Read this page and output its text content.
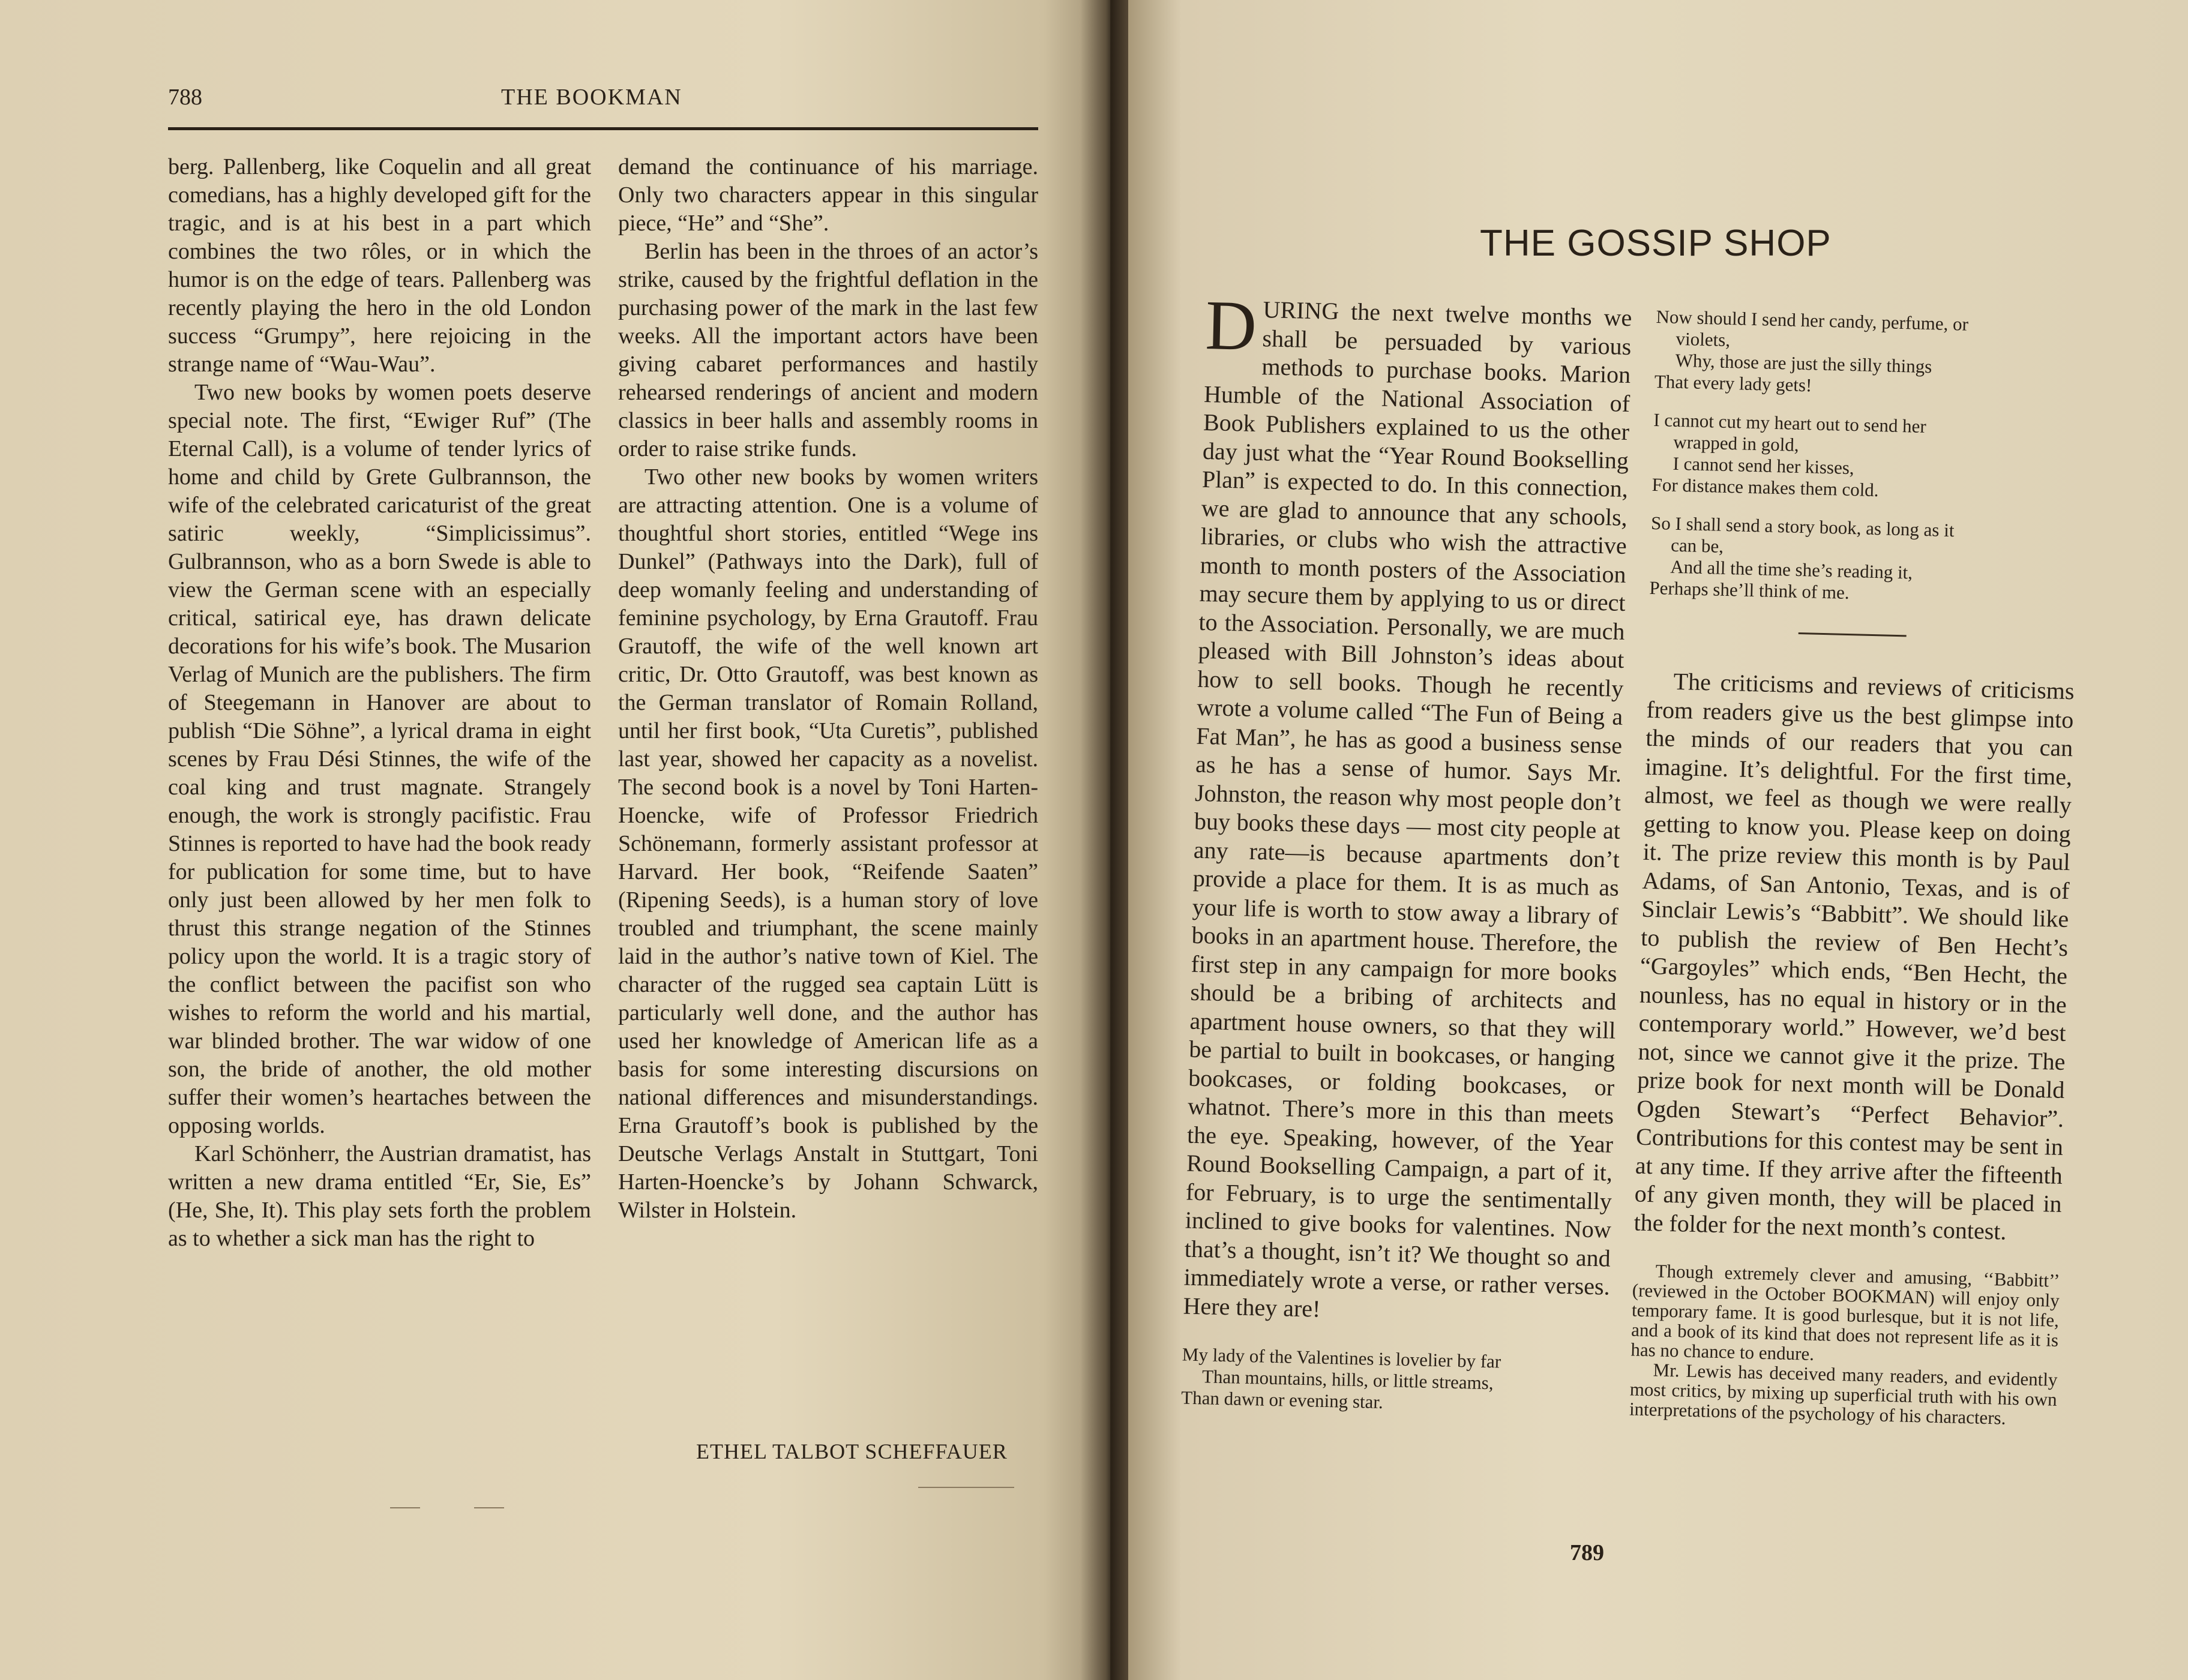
788	THE BOOKMAN

berg. Pallenberg, like Coquelin and all great comedians, has a highly developed gift for the tragic, and is at his best in a part which combines the two rôles, or in which the humor is on the edge of tears. Pallenberg was recently playing the hero in the old London success “Grumpy”, here rejoicing in the strange name of “Wau-Wau”.

Two new books by women poets deserve special note. The first, “Ewiger Ruf” (The Eternal Call), is a volume of tender lyrics of home and child by Grete Gulbrannson, the wife of the celebrated caricaturist of the great satiric weekly, “Simplicissimus”. Gulbrannson, who as a born Swede is able to view the German scene with an especially critical, satirical eye, has drawn delicate decorations for his wife’s book. The Musarion Verlag of Munich are the publishers. The firm of Steegemann in Hanover are about to publish “Die Söhne”, a lyrical drama in eight scenes by Frau Dési Stinnes, the wife of the coal king and trust magnate. Strangely enough, the work is strongly pacifistic. Frau Stinnes is reported to have had the book ready for publication for some time, but to have only just been allowed by her men folk to thrust this strange negation of the Stinnes policy upon the world. It is a tragic story of the conflict between the pacifist son who wishes to reform the world and his martial, war blinded brother. The war widow of one son, the bride of another, the old mother suffer their women’s heartaches between the opposing worlds.

Karl Schönherr, the Austrian dramatist, has written a new drama entitled “Er, Sie, Es” (He, She, It). This play sets forth the problem as to whether a sick man has the right to

demand the continuance of his marriage. Only two characters appear in this singular piece, “He” and “She”.

Berlin has been in the throes of an actor’s strike, caused by the frightful deflation in the purchasing power of the mark in the last few weeks. All the important actors have been giving cabaret performances and hastily rehearsed renderings of ancient and modern classics in beer halls and assembly rooms in order to raise strike funds.

Two other new books by women writers are attracting attention. One is a volume of thoughtful short stories, entitled “Wege ins Dunkel” (Pathways into the Dark), full of deep womanly feeling and understanding of feminine psychology, by Erna Grautoff. Frau Grautoff, the wife of the well known art critic, Dr. Otto Grautoff, was best known as the German translator of Romain Rolland, until her first book, “Uta Curetis”, published last year, showed her capacity as a novelist. The second book is a novel by Toni Harten-Hoencke, wife of Professor Friedrich Schönemann, formerly assistant professor at Harvard. Her book, “Reifende Saaten” (Ripening Seeds), is a human story of love troubled and triumphant, the scene mainly laid in the author’s native town of Kiel. The character of the rugged sea captain Lütt is particularly well done, and the author has used her knowledge of American life as a basis for some interesting discursions on national differences and misunderstandings. Erna Grautoff’s book is published by the Deutsche Verlags Anstalt in Stuttgart, Toni Harten-Hoencke’s by Johann Schwarck, Wilster in Holstein.

ETHEL TALBOT SCHEFFAUER
THE GOSSIP SHOP

DURING the next twelve months we shall be persuaded by various methods to purchase books. Marion Humble of the National Association of Book Publishers explained to us the other day just what the “Year Round Bookselling Plan” is expected to do. In this connection, we are glad to announce that any schools, libraries, or clubs who wish the attractive month to month posters of the Association may secure them by applying to us or direct to the Association. Personally, we are much pleased with Bill Johnston’s ideas about how to sell books. Though he recently wrote a volume called “The Fun of Being a Fat Man”, he has as good a business sense as he has a sense of humor. Says Mr. Johnston, the reason why most people don’t buy books these days — most city people at any rate—is because apartments don’t provide a place for them. It is as much as your life is worth to stow away a library of books in an apartment house. Therefore, the first step in any campaign for more books should be a bribing of architects and apartment house owners, so that they will be partial to built in bookcases, or hanging bookcases, or folding bookcases, or whatnot. There’s more in this than meets the eye. Speaking, however, of the Year Round Bookselling Campaign, a part of it, for February, is to urge the sentimentally inclined to give books for valentines. Now that’s a thought, isn’t it? We thought so and immediately wrote a verse, or rather verses. Here they are!

My lady of the Valentines is lovelier by far
Than mountains, hills, or little streams,
Than dawn or evening star.
Now should I send her candy, perfume, or
violets,
Why, those are just the silly things
That every lady gets!
I cannot cut my heart out to send her
wrapped in gold,
I cannot send her kisses,
For distance makes them cold.
So I shall send a story book, as long as it
can be,
And all the time she’s reading it,
Perhaps she’ll think of me.

The criticisms and reviews of criticisms from readers give us the best glimpse into the minds of our readers that you can imagine. It’s delightful. For the first time, almost, we feel as though we were really getting to know you. Please keep on doing it. The prize review this month is by Paul Adams, of San Antonio, Texas, and is of Sinclair Lewis’s “Babbitt”. We should like to publish the review of Ben Hecht’s “Gargoyles” which ends, “Ben Hecht, the nounless, has no equal in history or in the contemporary world.” However, we’d best not, since we cannot give it the prize. The prize book for next month will be Donald Ogden Stewart’s “Perfect Behavior”. Contributions for this contest may be sent in at any time. If they arrive after the fifteenth of any given month, they will be placed in the folder for the next month’s contest.

Though extremely clever and amusing, ‘‘Babbitt’’ (reviewed in the October BOOKMAN) will enjoy only temporary fame. It is good burlesque, but it is not life, and a book of its kind that does not represent life as it is has no chance to endure.

Mr. Lewis has deceived many readers, and evidently most critics, by mixing up superficial truth with his own interpretations of the psychology of his characters.

789
